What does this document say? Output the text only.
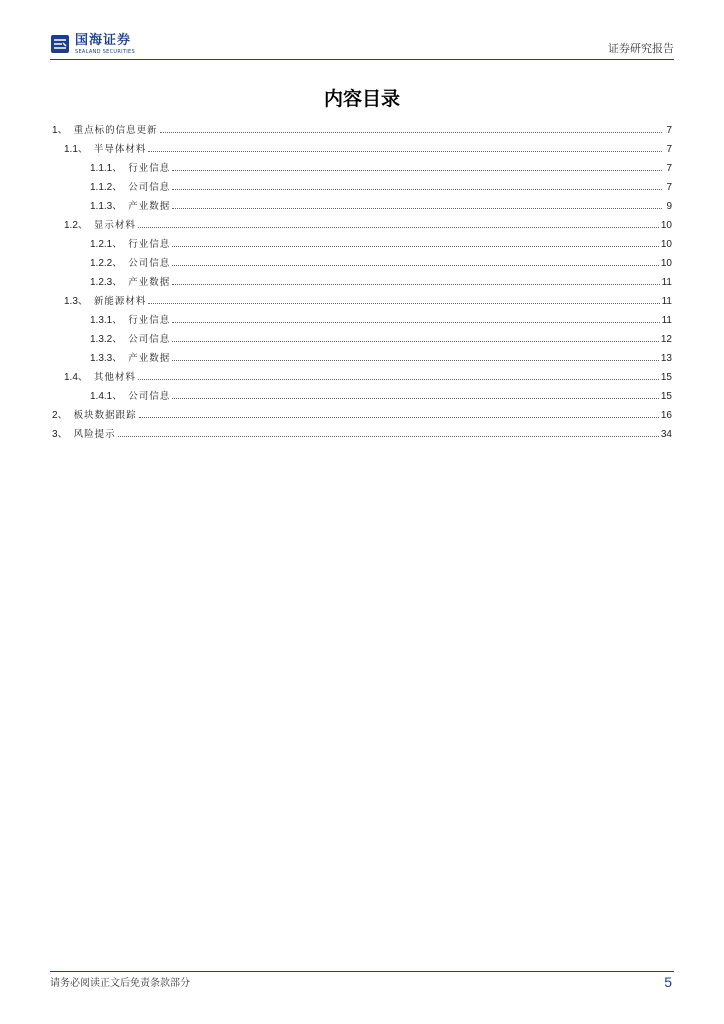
国海证券
SEALAND SECURITIES	证券研究报告
内容目录
1 、 重点标的信息更新	7
1.1 、 半导体材料	7
1.1.1 、 行业信息	7
1.1.2 、 公司信息	7
1.1.3 、 产业数据	9
1.2 、 显示材料	10
1.2.1 、 行业信息	10
1.2.2 、 公司信息	10
1.2.3 、 产业数据	11
1.3 、 新能源材料	11
1.3.1 、 行业信息	11
1.3.2 、 公司信息	12
1.3.3 、 产业数据	13
1.4 、 其他材料	15
1.4.1 、 公司信息	15
2 、 板块数据跟踪	16
3 、 风险提示	34
请务必阅读正文后免责条款部分	5
